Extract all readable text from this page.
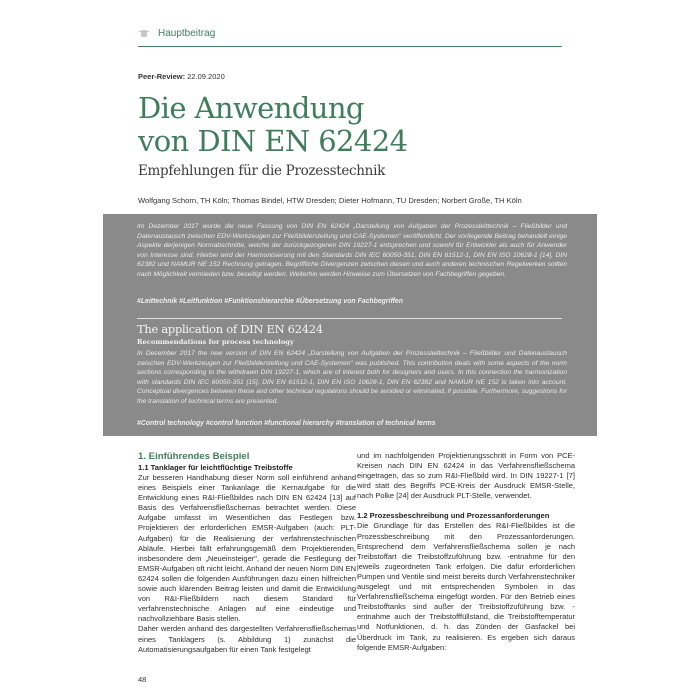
Hauptbeitrag
Peer-Review: 22.09.2020
Die Anwendung
von DIN EN 62424
Empfehlungen für die Prozesstechnik
Wolfgang Schorn, TH Köln; Thomas Bindel, HTW Dresden; Dieter Hofmann, TU Dresden; Norbert Große, TH Köln
Im Dezember 2017 wurde die neue Fassung von DIN EN 62424 „Darstellung von Aufgaben der Prozessleittechnik – Fließbilder und Datenaustausch zwischen EDV-Werkzeugen zur Fließbilderstellung und CAE-Systemen" veröffentlicht. Der vorliegende Beitrag behandelt einige Aspekte derjenigen Normabschnitte, welche der zurückgezogenen DIN 19227-1 entsprechen und sowohl für Entwickler als auch für Anwender von Interesse sind. Hierbei wird der Harmonisierung mit den Standards DIN IEC 60050-351, DIN EN 61512-1, DIN EN ISO 10628-1 [14], DIN 62382 und NAMUR NE 152 Rechnung getragen. Begriffliche Divergenzen zwischen diesen und auch anderen technischen Regelwerken sollten nach Möglichkeit vermieden bzw. beseitigt werden. Weiterhin werden Hinweise zum Übersetzen von Fachbegriffen gegeben.
#Leittechnik #Leitfunktion #Funktionshierarchie #Übersetzung von Fachbegriffen
The application of DIN EN 62424
Recommendations for process technology
In December 2017 the new version of DIN EN 62424 „Darstellung von Aufgaben der Prozessleittechnik – Fließbilder und Datenaustausch zwischen EDV-Werkzeugen zur Fließbilderstellung und CAE-Systemen" was published. This contribution deals with some aspects of the norm sections corresponding to the withdrawn DIN 19227-1, which are of interest both for designers and users. In this connection the harmonization with standards DIN IEC 60050-351 [15], DIN EN 61512-1, DIN EN ISO 10628-1, DIN EN 62382 and NAMUR NE 152 is taken into account. Conceptual divergences between these and other technical regulations should be avoided or eliminated, if possible. Furthermore, suggestions for the translation of technical terms are presented.
#Control technology #control function #functional hierarchy #translation of technical terms
1. Einführendes Beispiel
1.1 Tanklager für leichtflüchtige Treibstoffe

Zur besseren Handhabung dieser Norm soll einführend anhand eines Beispiels einer Tankanlage die Kernaufgabe für die Entwicklung eines R&I-Fließbildes nach DIN EN 62424 [13] auf Basis des Verfahrensfließschemas betrachtet werden. Diese Aufgabe umfasst im Wesentlichen das Festlegen bzw. Projektieren der erforderlichen EMSR-Aufgaben (auch: PLT-Aufgaben) für die Realisierung der verfahrenstechnischen Abläufe. Hierbei fällt erfahrungsgemäß dem Projektierenden, insbesondere dem „Neueinsteiger", gerade die Festlegung der EMSR-Aufgaben oft nicht leicht. Anhand der neuen Norm DIN EN 62424 sollen die folgenden Ausführungen dazu einen hilfreichen sowie auch klärenden Beitrag leisten und damit die Entwicklung von R&I-Fließbildern nach diesem Standard für verfahrenstechnische Anlagen auf eine eindeutige und nachvollziehbare Basis stellen.

Daher werden anhand des dargestellten Verfahrensfließschemas eines Tanklagers (s. Abbildung 1) zunächst die Automatisierungsaufgaben für einen Tank festgelegt

und im nachfolgenden Projektierungsschritt in Form von PCE-Kreisen nach DIN EN 62424 in das Verfahrensfließschema eingetragen, das so zum R&I-Fließbild wird. In DIN 19227-1 [7] wird statt des Begriffs PCE-Kreis der Ausdruck EMSR-Stelle, nach Polke [24] der Ausdruck PLT-Stelle, verwendet.

1.2 Prozessbeschreibung und Prozessanforderungen

Die Grundlage für das Erstellen des R&I-Fließbildes ist die Prozessbeschreibung mit den Prozessanforderungen. Entsprechend dem Verfahrensfließschema sollen je nach Treibstoffart die Treibstoffzuführung bzw. -entnahme für den jeweils zugeordneten Tank erfolgen. Die dafür erforderlichen Pumpen und Ventile sind meist bereits durch Verfahrenstechniker ausgelegt und mit entsprechenden Symbolen in das Verfahrensfließschema eingefügt worden. Für den Betrieb eines Treibstofftanks sind außer der Treibstoffzuführung bzw. -entnahme auch der Treibstofffüllstand, die Treibstofftemperatur und Notfunktionen, d. h. das Zünden der Gasfackel bei Überdruck im Tank, zu realisieren. Es ergeben sich daraus folgende EMSR-Aufgaben:

48
